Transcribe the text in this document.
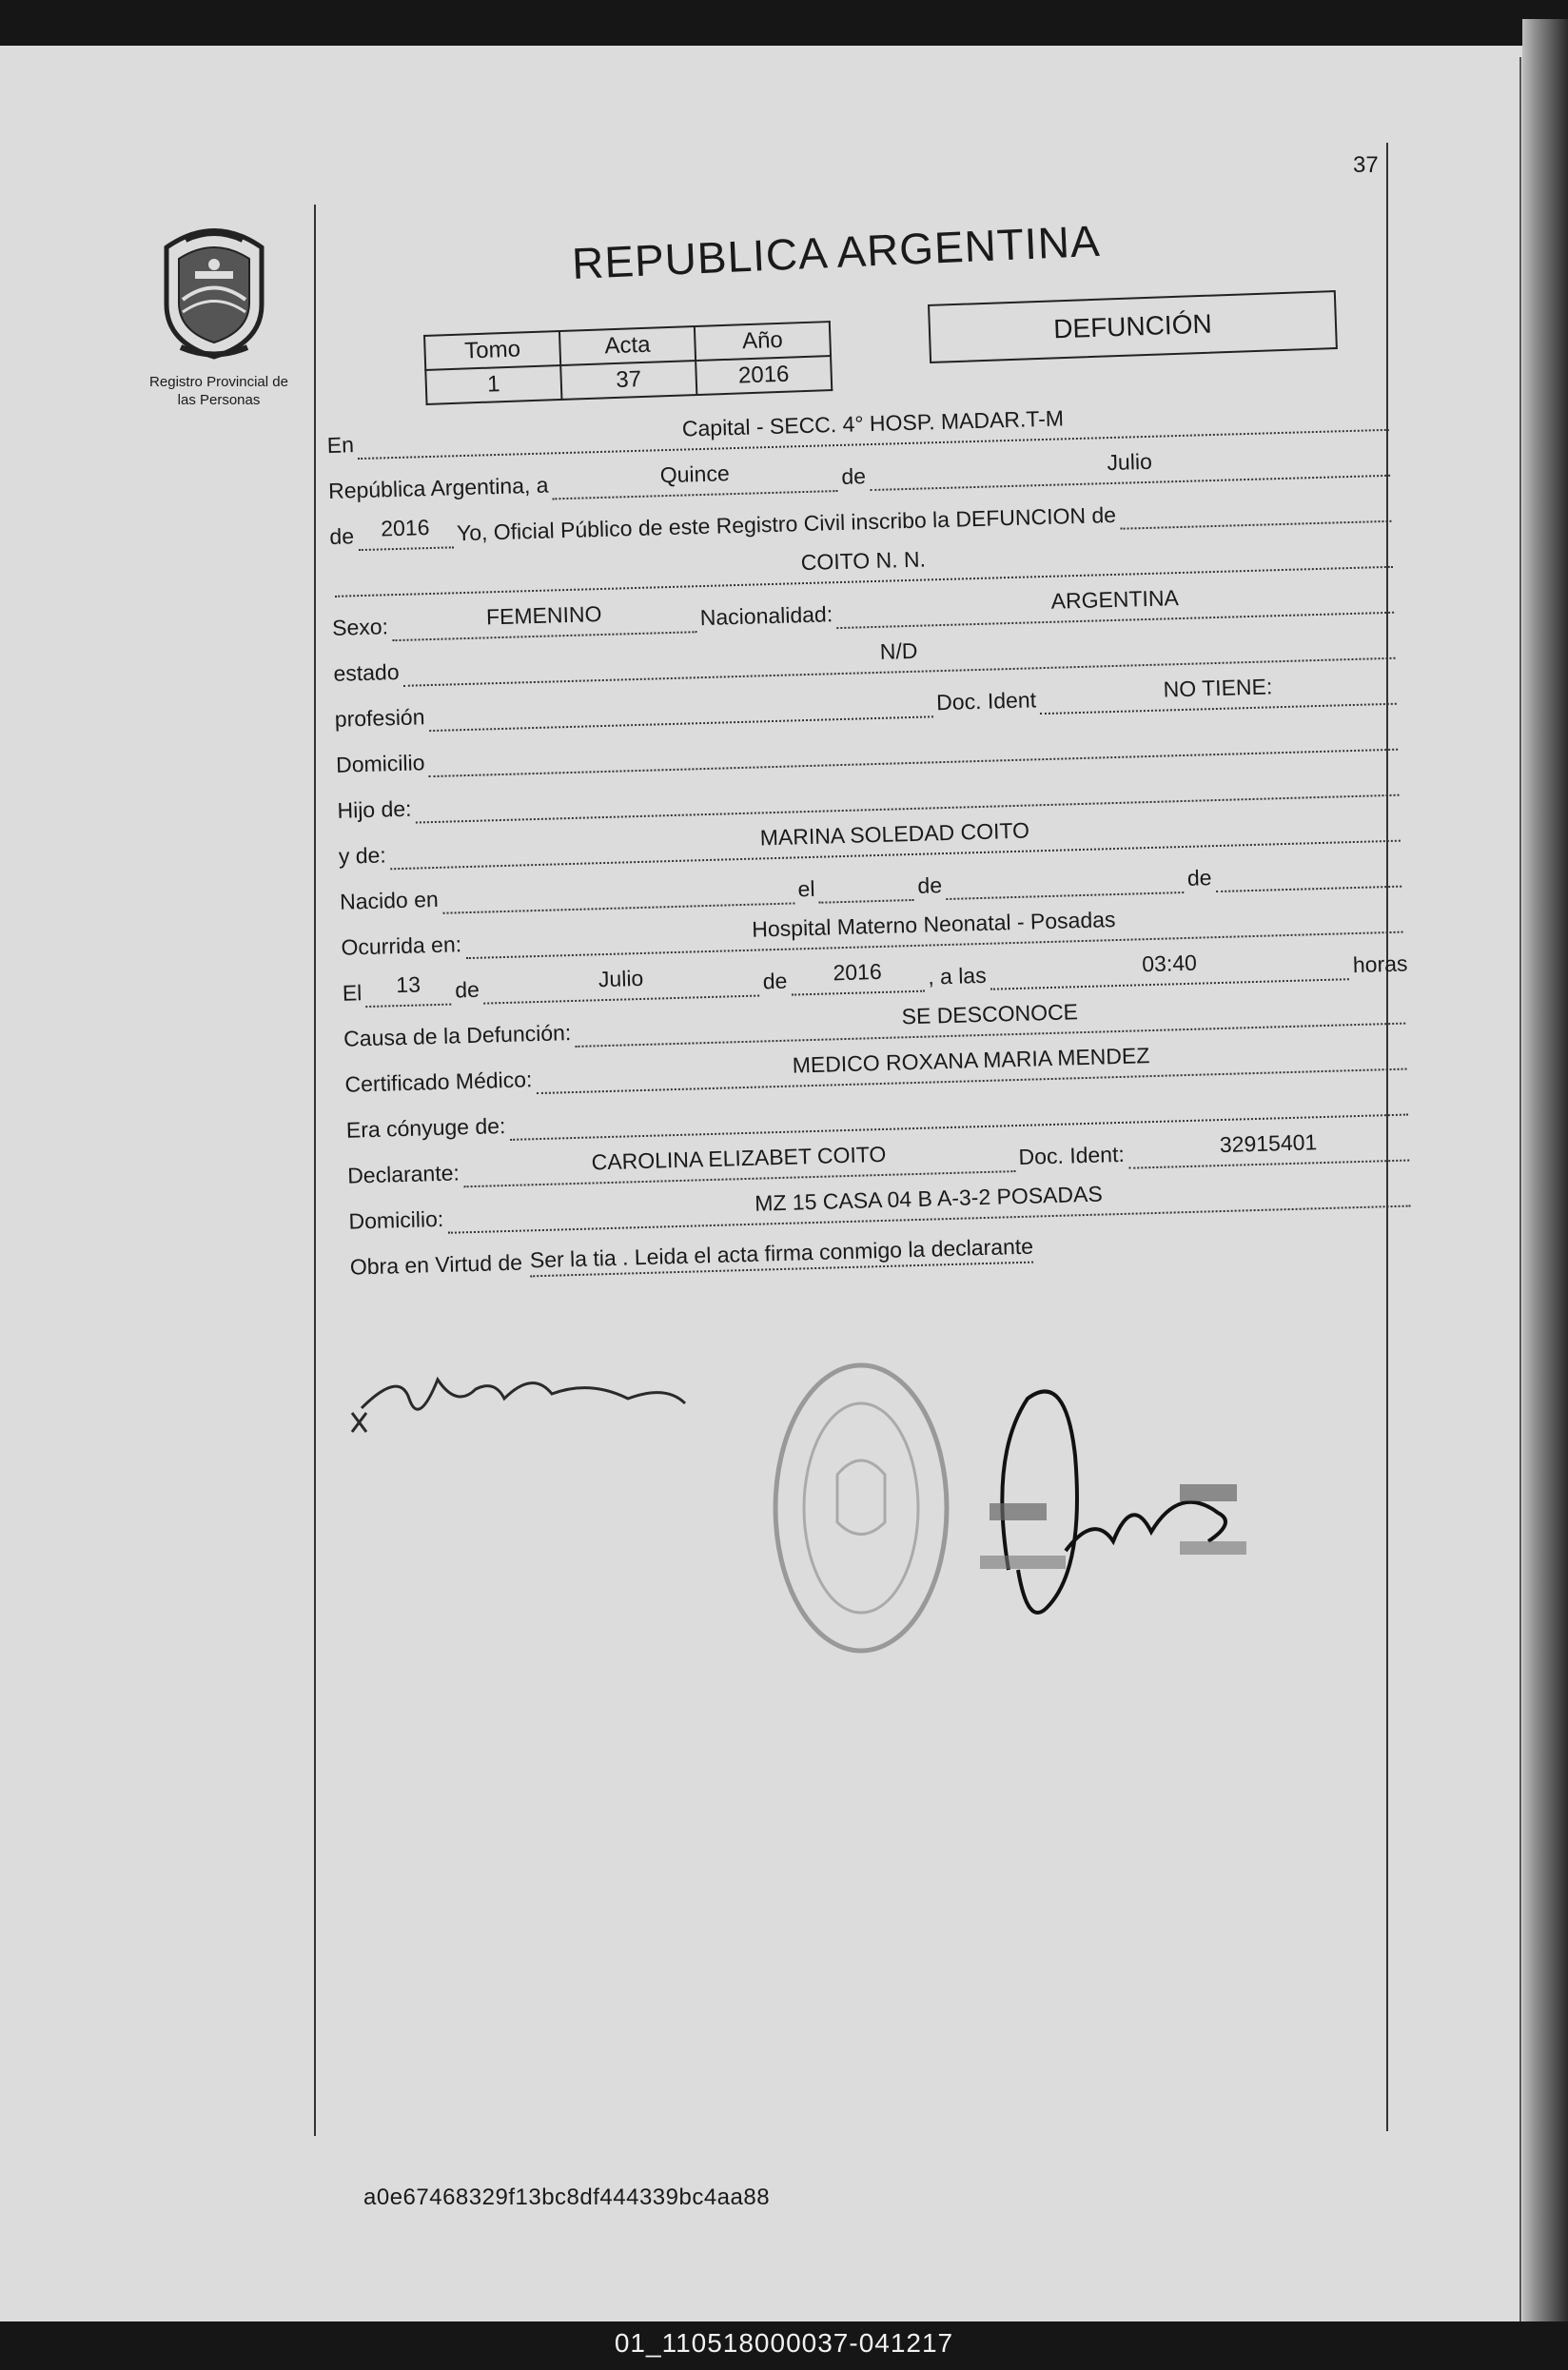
37
Registro Provincial de
las Personas
REPUBLICA ARGENTINA
Tomo	Acta	Año
1	37	2016
DEFUNCIÓN
En
Capital - SECC. 4° HOSP. MADAR.T-M
República Argentina, a	Quince	de
Julio
de	2016	Yo, Oficial Público de este Registro Civil inscribo la DEFUNCION de
COITO N. N.
Sexo:	FEMENINO	Nacionalidad:
ARGENTINA
estado
N/D
profesión
Doc. Ident	NO TIENE:
Domicilio
Hijo de:
y de:
MARINA SOLEDAD COITO
Nacido en	el	de	de
Ocurrida en:
Hospital Materno Neonatal - Posadas
El	13	de	Julio	de	2016	, a las	03:40	horas
Causa de la Defunción:
SE DESCONOCE
Certificado Médico:
MEDICO ROXANA MARIA MENDEZ
Era cónyuge de:
Declarante:	CAROLINA ELIZABET COITO	Doc. Ident:	32915401
Domicilio:
MZ 15 CASA 04 B A-3-2 POSADAS
Obra en Virtud de Ser la tia . Leida el acta firma conmigo la declarante
a0e67468329f13bc8df444339bc4aa88
01_110518000037-041217
